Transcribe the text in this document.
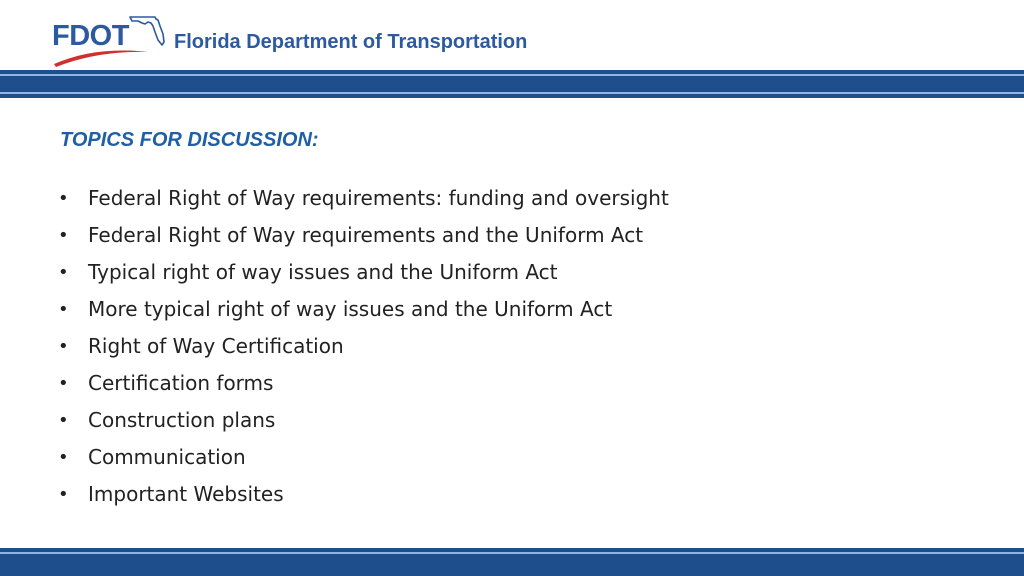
FDOT Florida Department of Transportation
TOPICS FOR DISCUSSION:
• Federal Right of Way requirements: funding and oversight
• Federal Right of Way requirements and the Uniform Act
• Typical right of way issues and the Uniform Act
• More typical right of way issues and the Uniform Act
• Right of Way Certification
• Certification forms
• Construction plans
• Communication
• Important Websites
